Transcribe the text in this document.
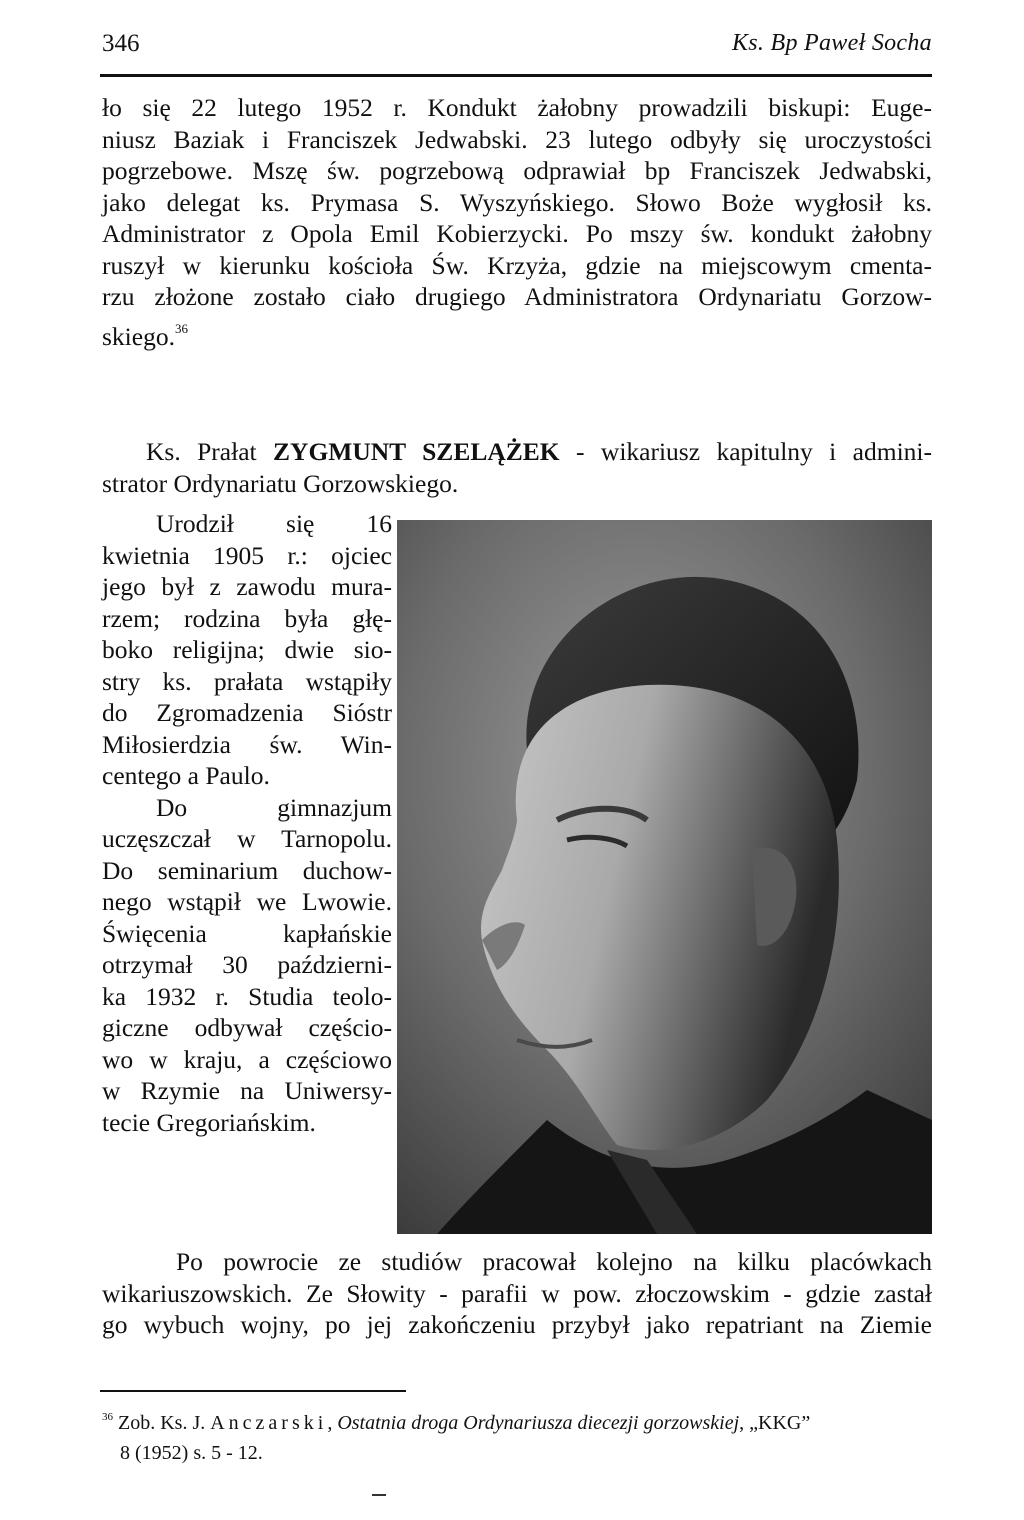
346	Ks. Bp Paweł Socha
ło się 22 lutego 1952 r. Kondukt żałobny prowadzili biskupi: Euge-
niusz Baziak i Franciszek Jedwabski. 23 lutego odbyły się uroczystości
pogrzebowe. Mszę św. pogrzebową odprawiał bp Franciszek Jedwabski,
jako delegat ks. Prymasa S. Wyszyńskiego. Słowo Boże wygłosił ks.
Administrator z Opola Emil Kobierzycki. Po mszy św. kondukt żałobny
ruszył w kierunku kościoła Św. Krzyża, gdzie na miejscowym cmenta-
rzu złożone zostało ciało drugiego Administratora Ordynariatu Gorzow-
skiego.$^{36}$
Ks. Prałat ZYGMUNT SZELĄŻEK - wikariusz kapitulny i admini-
strator Ordynariatu Gorzowskiego.
Urodził się 16
kwietnia 1905 r.: ojciec
jego był z zawodu mura-
rzem; rodzina była głę-
boko religijna; dwie sio-
stry ks. prałata wstąpiły
do Zgromadzenia Sióstr
Miłosierdzia św. Win-
centego a Paulo.
Do gimnazjum
uczęszczał w Tarnopolu.
Do seminarium duchow-
nego wstąpił we Lwowie.
Święcenia kapłańskie
otrzymał 30 październi-
ka 1932 r. Studia teolo-
giczne odbywał częścio-
wo w kraju, a częściowo
w Rzymie na Uniwersy-
tecie Gregoriańskim.
Po powrocie ze studiów pracował kolejno na kilku placówkach
wikariuszowskich. Ze Słowity - parafii w pow. złoczowskim - gdzie zastał
go wybuch wojny, po jej zakończeniu przybył jako repatriant na Ziemie
$^{36}$ Zob. Ks. J. Anczarski, Ostatnia droga Ordynariusza diecezji gorzowskiej, „KKG”
8 (1952) s. 5 - 12.
